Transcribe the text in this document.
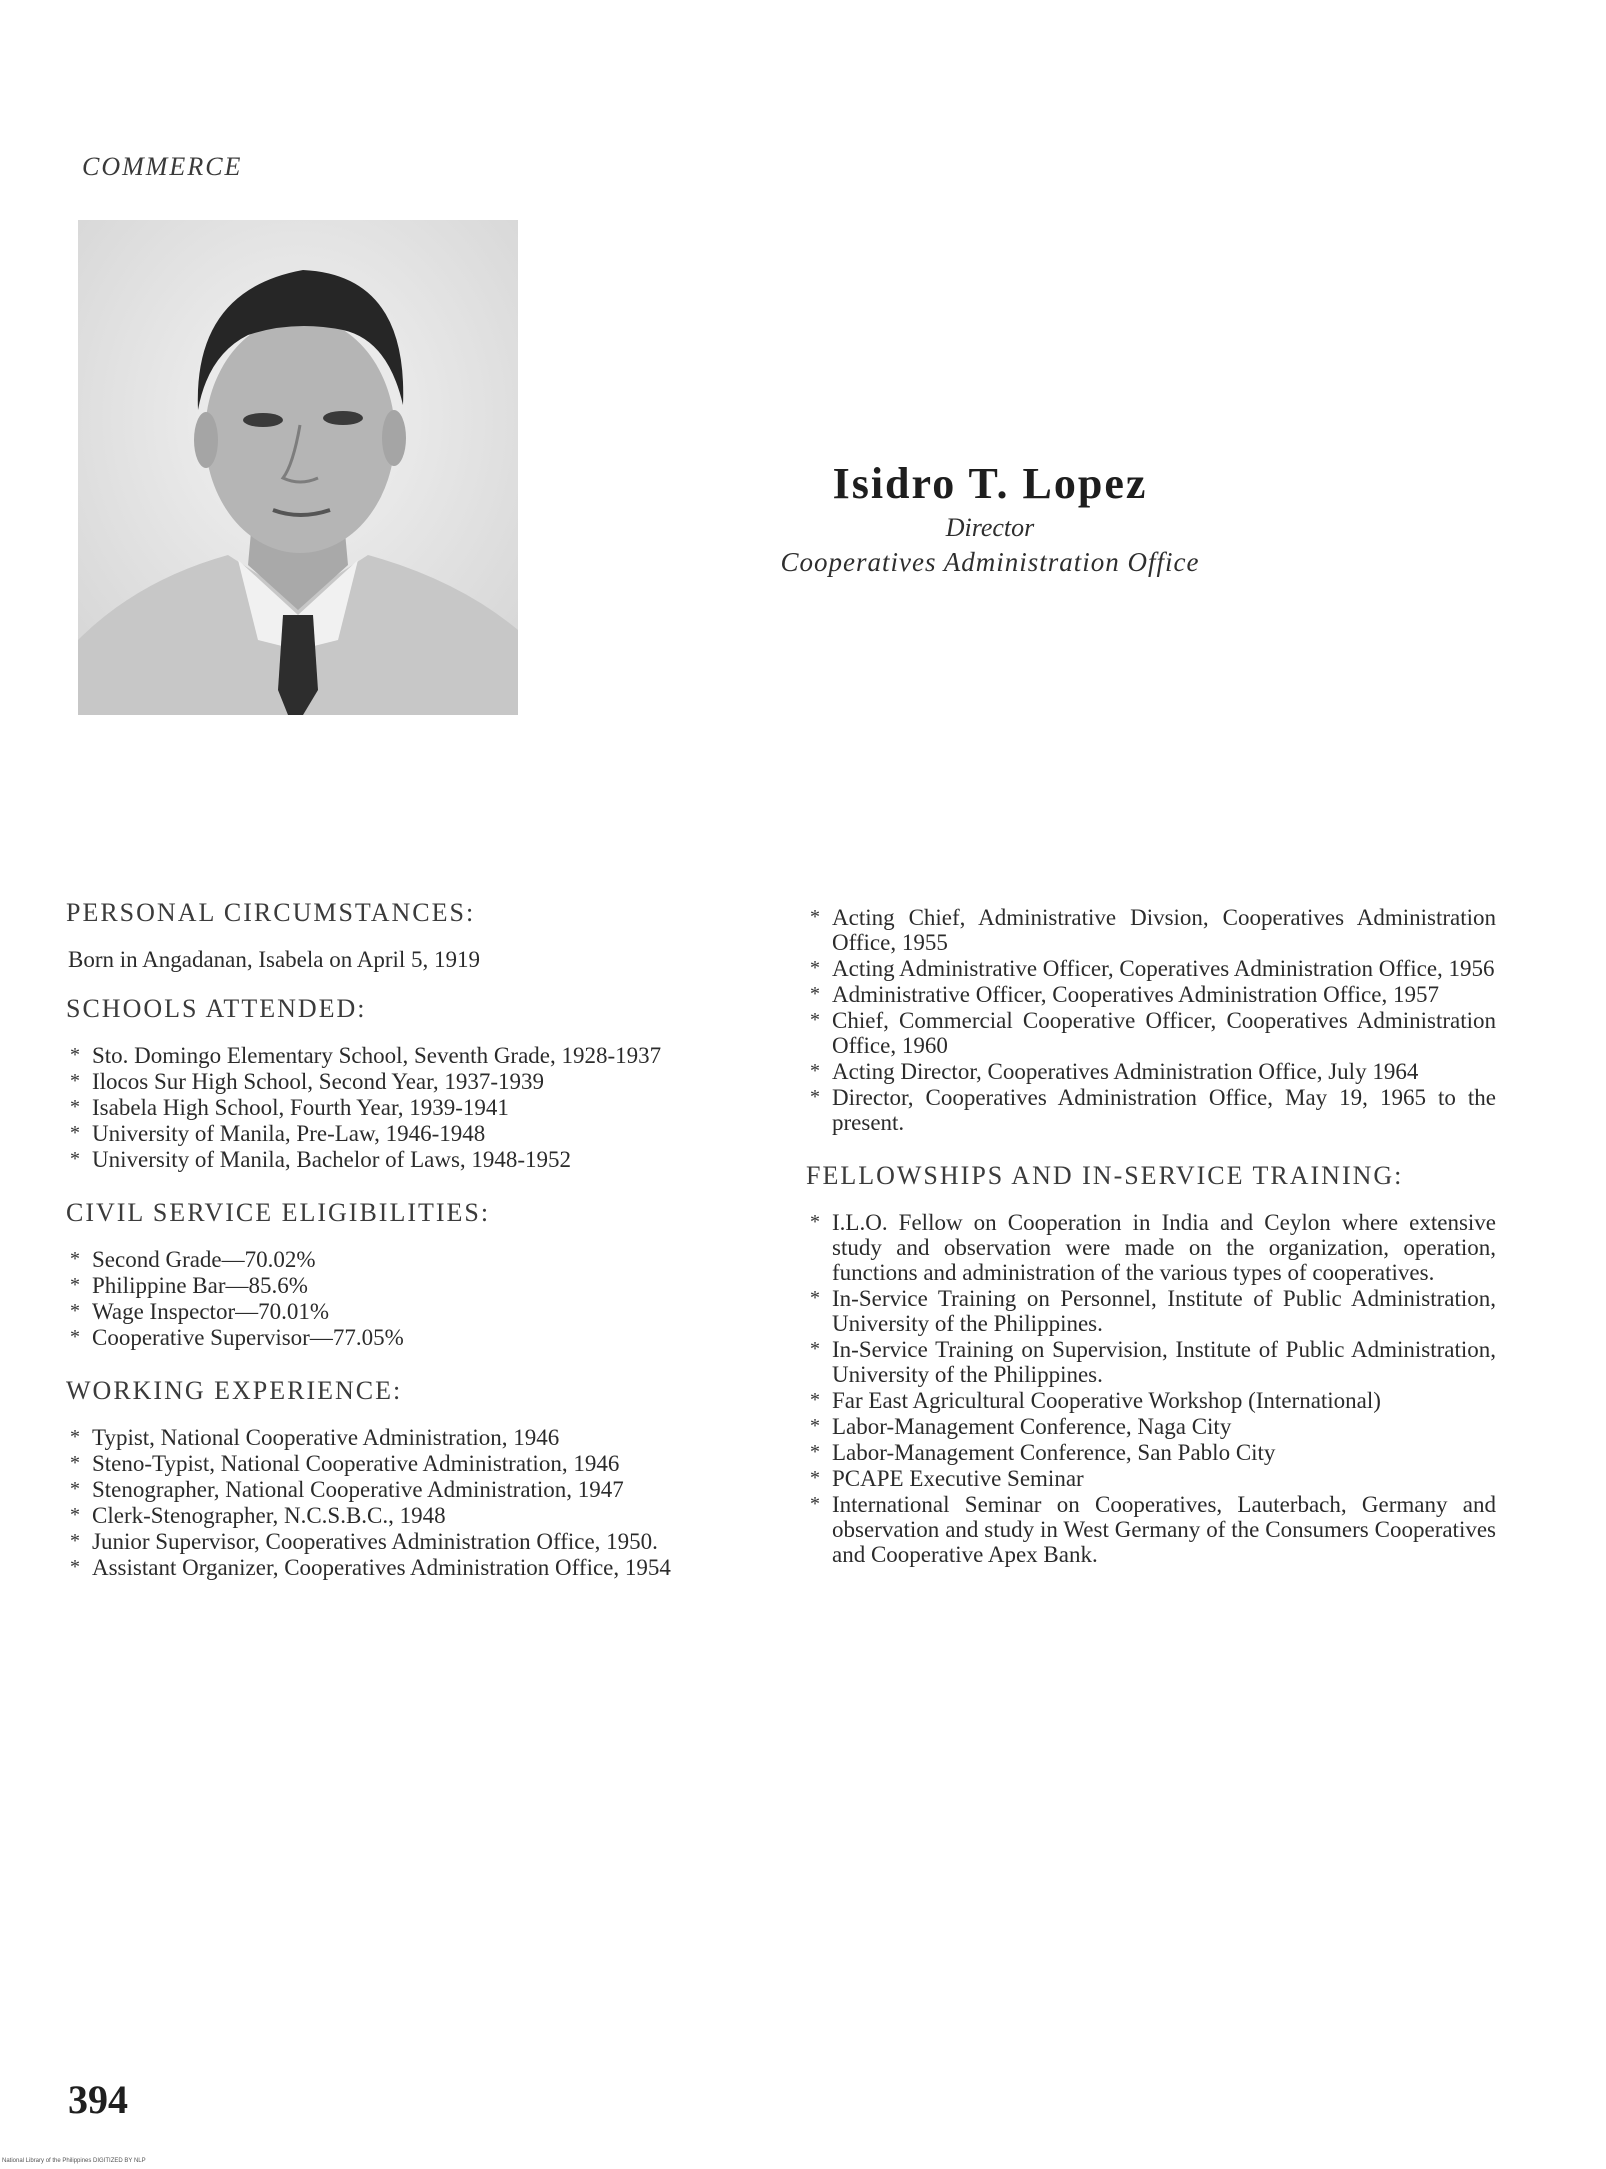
COMMERCE
Isidro T. Lopez
Director
Cooperatives Administration Office
PERSONAL CIRCUMSTANCES:
Born in Angadanan, Isabela on April 5, 1919
SCHOOLS ATTENDED:
* Sto. Domingo Elementary School, Seventh Grade, 1928-1937
* Ilocos Sur High School, Second Year, 1937-1939
* Isabela High School, Fourth Year, 1939-1941
* University of Manila, Pre-Law, 1946-1948
* University of Manila, Bachelor of Laws, 1948-1952
CIVIL SERVICE ELIGIBILITIES:
* Second Grade—70.02%
* Philippine Bar—85.6%
* Wage Inspector—70.01%
* Cooperative Supervisor—77.05%
WORKING EXPERIENCE:
* Typist, National Cooperative Administration, 1946
* Steno-Typist, National Cooperative Administration, 1946
* Stenographer, National Cooperative Administration, 1947
* Clerk-Stenographer, N.C.S.B.C., 1948
* Junior Supervisor, Cooperatives Administration Office, 1950.
* Assistant Organizer, Cooperatives Administration Office, 1954
* Acting Chief, Administrative Divsion, Cooperatives Administration Office, 1955
* Acting Administrative Officer, Coperatives Administration Office, 1956
* Administrative Officer, Cooperatives Administration Office, 1957
* Chief, Commercial Cooperative Officer, Cooperatives Administration Office, 1960
* Acting Director, Cooperatives Administration Office, July 1964
* Director, Cooperatives Administration Office, May 19, 1965 to the present.
FELLOWSHIPS AND IN-SERVICE TRAINING:
* I.L.O. Fellow on Cooperation in India and Ceylon where extensive study and observation were made on the organization, operation, functions and administration of the various types of cooperatives.
* In-Service Training on Personnel, Institute of Public Administration, University of the Philippines.
* In-Service Training on Supervision, Institute of Public Administration, University of the Philippines.
* Far East Agricultural Cooperative Workshop (International)
* Labor-Management Conference, Naga City
* Labor-Management Conference, San Pablo City
* PCAPE Executive Seminar
* International Seminar on Cooperatives, Lauterbach, Germany and observation and study in West Germany of the Consumers Cooperatives and Cooperative Apex Bank.
394
National Library of the Philippines DIGITIZED BY NLP
